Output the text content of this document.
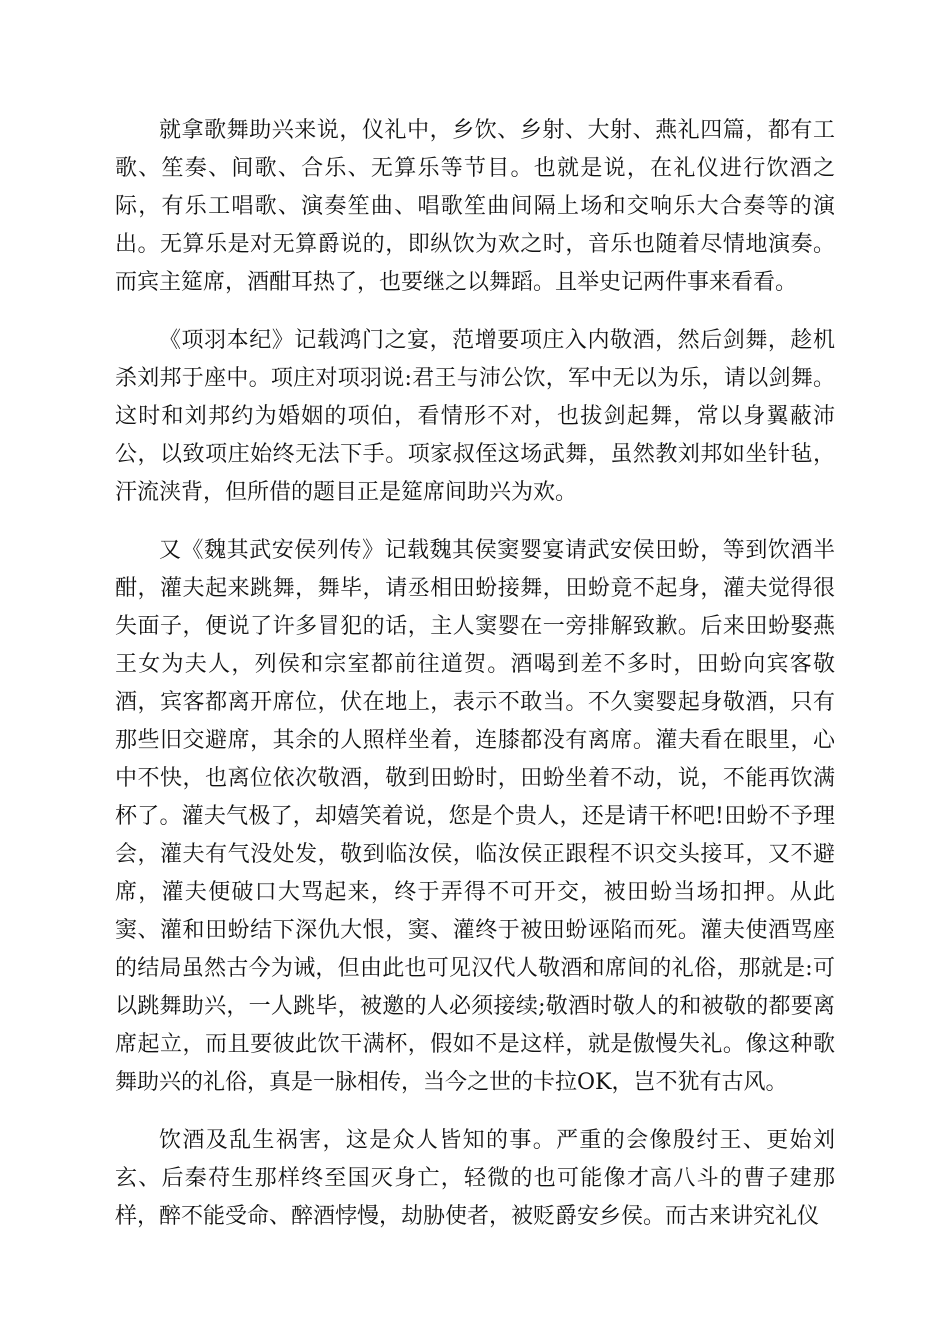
就拿歌舞助兴来说，仪礼中，乡饮、乡射、大射、燕礼四篇，都有工歌、笙奏、间歌、合乐、无算乐等节目。也就是说，在礼仪进行饮酒之际，有乐工唱歌、演奏笙曲、唱歌笙曲间隔上场和交响乐大合奏等的演出。无算乐是对无算爵说的，即纵饮为欢之时，音乐也随着尽情地演奏。而宾主筵席，酒酣耳热了，也要继之以舞蹈。且举史记两件事来看看。

《项羽本纪》记载鸿门之宴，范增要项庄入内敬酒，然后剑舞，趁机杀刘邦于座中。项庄对项羽说:君王与沛公饮，军中无以为乐，请以剑舞。这时和刘邦约为婚姻的项伯，看情形不对，也拔剑起舞，常以身翼蔽沛公，以致项庄始终无法下手。项家叔侄这场武舞，虽然教刘邦如坐针毡，汗流浃背，但所借的题目正是筵席间助兴为欢。

又《魏其武安侯列传》记载魏其侯窦婴宴请武安侯田蚡，等到饮酒半酣，灌夫起来跳舞，舞毕，请丞相田蚡接舞，田蚡竟不起身，灌夫觉得很失面子，便说了许多冒犯的话，主人窦婴在一旁排解致歉。后来田蚡娶燕王女为夫人，列侯和宗室都前往道贺。酒喝到差不多时，田蚡向宾客敬酒，宾客都离开席位，伏在地上，表示不敢当。不久窦婴起身敬酒，只有那些旧交避席，其余的人照样坐着，连膝都没有离席。灌夫看在眼里，心中不快，也离位依次敬酒，敬到田蚡时，田蚡坐着不动，说，不能再饮满杯了。灌夫气极了，却嬉笑着说，您是个贵人，还是请干杯吧!田蚡不予理会，灌夫有气没处发，敬到临汝侯，临汝侯正跟程不识交头接耳，又不避席，灌夫便破口大骂起来，终于弄得不可开交，被田蚡当场扣押。从此窦、灌和田蚡结下深仇大恨，窦、灌终于被田蚡诬陷而死。灌夫使酒骂座的结局虽然古今为诫，但由此也可见汉代人敬酒和席间的礼俗，那就是:可以跳舞助兴，一人跳毕，被邀的人必须接续;敬酒时敬人的和被敬的都要离席起立，而且要彼此饮干满杯，假如不是这样，就是傲慢失礼。像这种歌舞助兴的礼俗，真是一脉相传，当今之世的卡拉OK，岂不犹有古风。

饮酒及乱生祸害，这是众人皆知的事。严重的会像殷纣王、更始刘玄、后秦苻生那样终至国灭身亡，轻微的也可能像才高八斗的曹子建那样，醉不能受命、醉酒悖慢，劫胁使者，被贬爵安乡侯。而古来讲究礼仪
